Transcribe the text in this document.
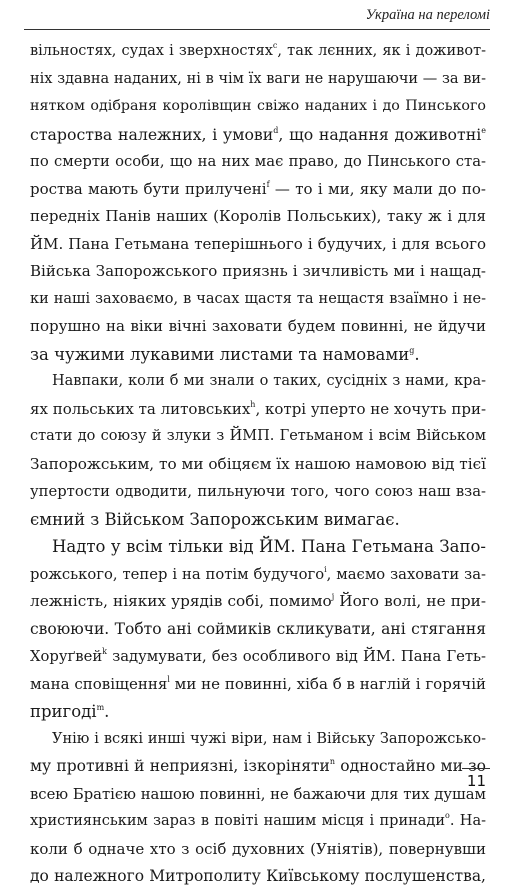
Україна на переломі
вільностях, судах і зверхностях$^c$, так лєнних, як і доживот-
ніх здавна наданих, ні в чім їх ваги не нарушаючи — за ви-
нятком одібраня королівщин свіжо наданих і до Пинського
староства належних, і умови$^d$, що надання доживотні$^e$
по смерти особи, що на них має право, до Пинського ста-
роства мають бути прилучені$^f$ — то і ми, яку мали до по-
передніх Панів наших (Королів Польських), таку ж і для
ЙМ. Пана Гетьмана теперішнього і будучих, і для всього
Війська Запорожського приязнь і зичливість ми і нащад-
ки наші заховаємо, в часах щастя та нещастя взаїмно і не-
порушно на віки вічні заховати будем повинні, не йдучи
за чужими лукавими листами та намовами$^g$.
Навпаки, коли б ми знали о таких, сусідніх з нами, кра-
ях польських та литовських$^h$, котрі уперто не хочуть при-
стати до союзу й злуки з ЙМП. Гетьманом і всім Військом
Запорожським, то ми обіцяєм їх нашою намовою від тієї
упертости одводити, пильнуючи того, чого союз наш вза-
ємний з Військом Запорожським вимагає.
Надто у всім тільки від ЙМ. Пана Гетьмана Запо-
рожського, тепер і на потім будучого$^i$, маємо заховати за-
лежність, ніяких урядів собі, помимо$^j$ Його волі, не при-
своюючи. Тобто ані соймиків скликувати, ані стягання
Хоруґвей$^k$ задумувати, без особливого від ЙМ. Пана Геть-
мана сповіщення$^l$ ми не повинні, хіба б в наглій і горячій
пригоді$^m$.
Унію і всякі инші чужі віри, нам і Війську Запорожсько-
му противні й неприязні, ізкоріняти$^n$ одностайно ми зо
всею Братією нашою повинні, не бажаючи для тих душам
християнським зараз в повіті нашим місця і принади$^o$. На-
коли б одначе хто з осіб духовних (Уніятів), повернувши
до належного Митрополиту Київському послушенства,
11
